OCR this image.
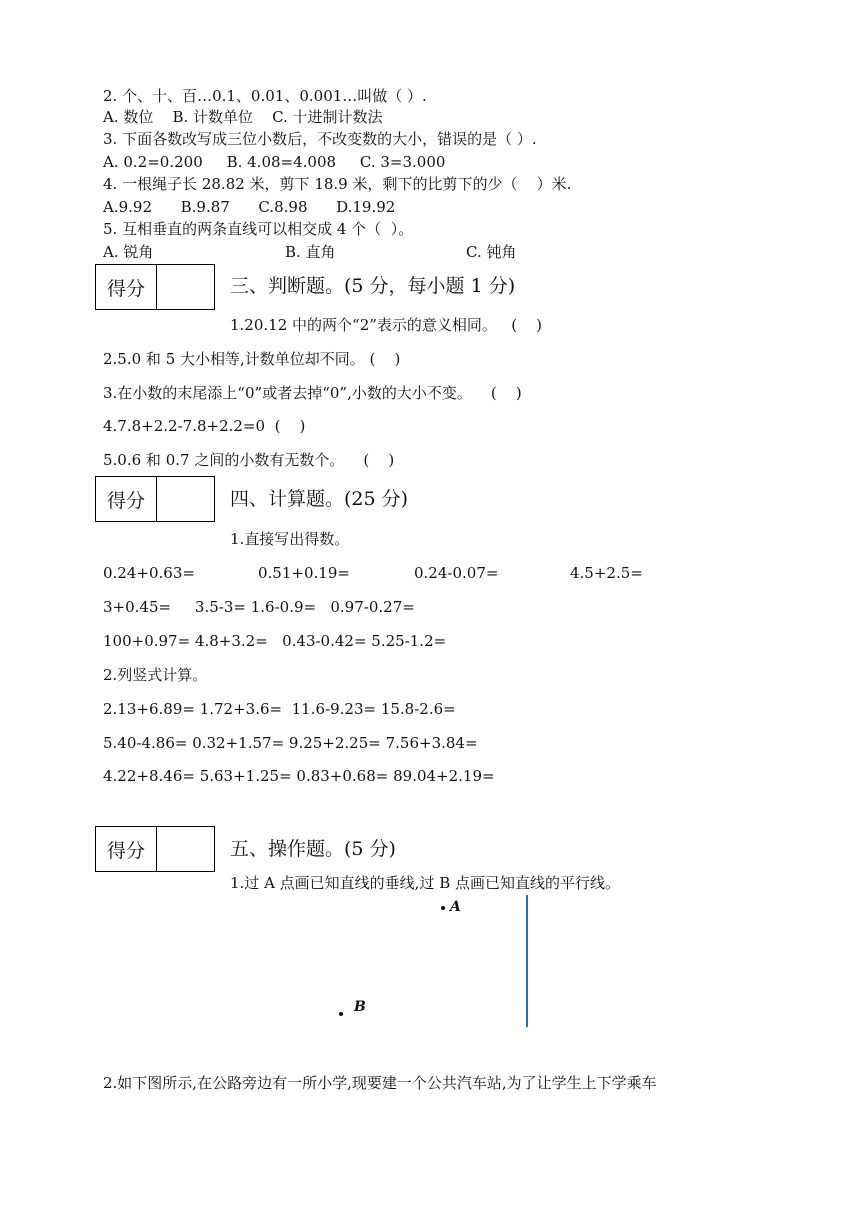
2. 个、十、百…0.1、0.01、0.001…叫做（ ）.
A. 数位    B. 计数单位    C. 十进制计数法
3. 下面各数改写成三位小数后，不改变数的大小，错误的是（ ）.
A. 0.2=0.200     B. 4.08=4.008     C. 3=3.000
4. 一根绳子长 28.82 米，剪下 18.9 米，剩下的比剪下的少（    ）米.
A.9.92      B.9.87      C.8.98      D.19.92
5. 互相垂直的两条直线可以相交成 4 个（  ）。
A. 锐角	B. 直角	C. 钝角
得分	三、判断题。(5 分，每小题 1 分)
1.20.12 中的两个“2”表示的意义相同。   (    )
2.5.0 和 5 大小相等,计数单位却不同。 (    )
3.在小数的末尾添上“0”或者去掉“0”,小数的大小不变。    (    )
4.7.8+2.2-7.8+2.2=0  (    )
5.0.6 和 0.7 之间的小数有无数个。    (    )
得分	四、计算题。(25 分)
1.直接写出得数。
0.24+0.63=	0.51+0.19=	0.24-0.07=	4.5+2.5=
3+0.45=     3.5-3= 1.6-0.9=   0.97-0.27=
100+0.97= 4.8+3.2=   0.43-0.42= 5.25-1.2=
2.列竖式计算。
2.13+6.89= 1.72+3.6=  11.6-9.23= 15.8-2.6=
5.40-4.86= 0.32+1.57= 9.25+2.25= 7.56+3.84=
4.22+8.46= 5.63+1.25= 0.83+0.68= 89.04+2.19=
得分	五、操作题。(5 分)
1.过 A 点画已知直线的垂线,过 B 点画已知直线的平行线。
A
B
2.如下图所示,在公路旁边有一所小学,现要建一个公共汽车站,为了让学生上下学乘车
